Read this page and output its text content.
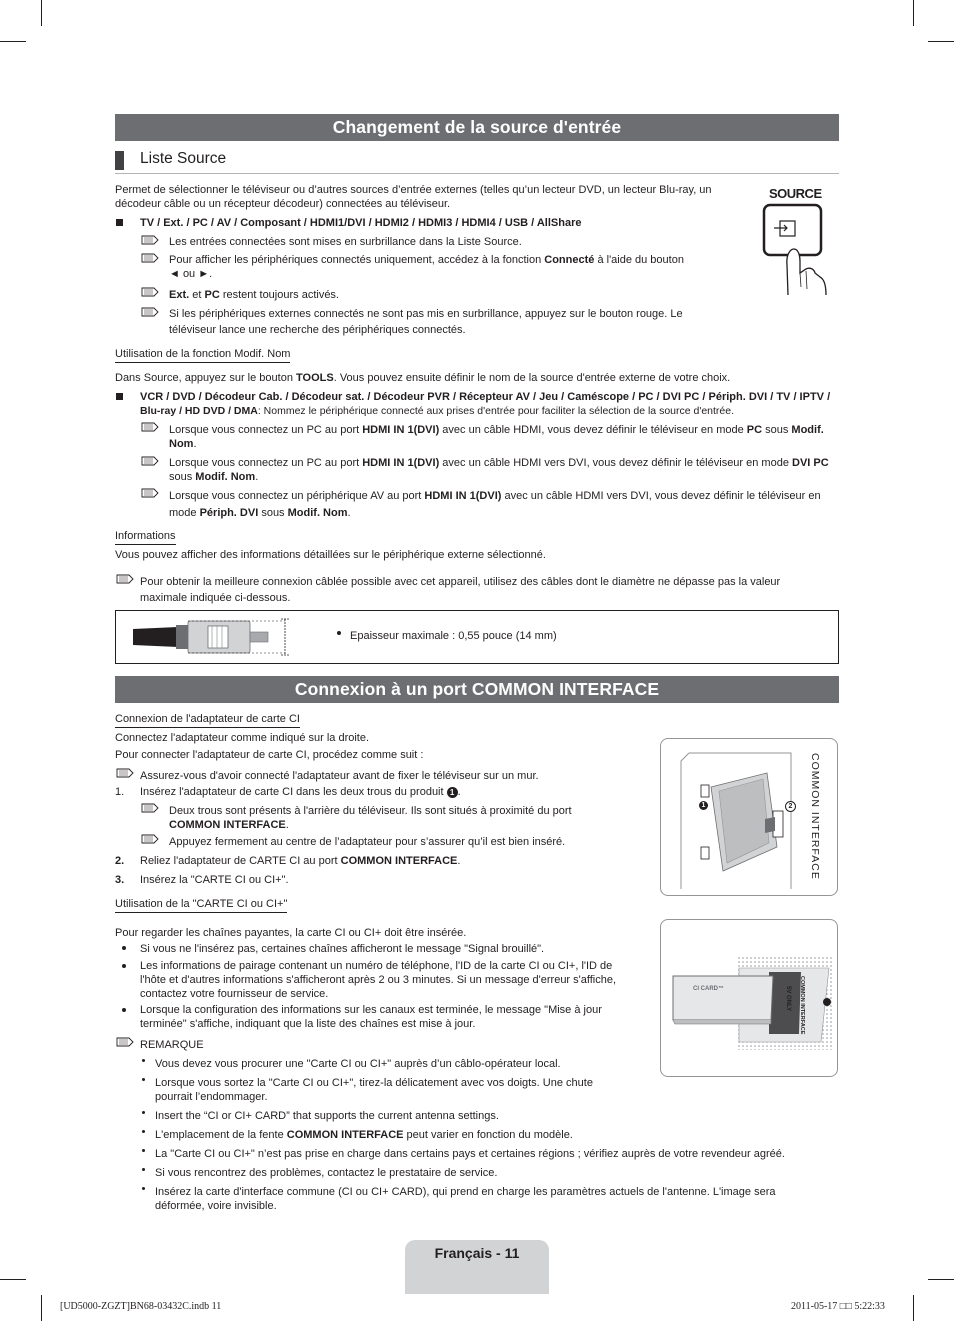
Changement de la source d'entrée
Liste Source
Permet de sélectionner le téléviseur ou d’autres sources d’entrée externes (telles qu’un lecteur DVD, un lecteur Blu-ray, un
décodeur câble ou un récepteur décodeur) connectées au téléviseur.
TV / Ext. / PC / AV / Composant / HDMI1/DVI / HDMI2 / HDMI3 / HDMI4 / USB / AllShare
Les entrées connectées sont mises en surbrillance dans la Liste Source.
Pour afficher les périphériques connectés uniquement, accédez à la fonction Connecté à l'aide du bouton
◄ ou ►.
Ext. et PC restent toujours activés.
Si les périphériques externes connectés ne sont pas mis en surbrillance, appuyez sur le bouton rouge. Le
téléviseur lance une recherche des périphériques connectés.
SOURCE
Utilisation de la fonction Modif. Nom
Dans Source, appuyez sur le bouton TOOLS. Vous pouvez ensuite définir le nom de la source d'entrée externe de votre choix.
VCR / DVD / Décodeur Cab. / Décodeur sat. / Décodeur PVR / Récepteur AV / Jeu / Caméscope / PC / DVI PC / Périph. DVI / TV / IPTV /
Blu-ray / HD DVD / DMA: Nommez le périphérique connecté aux prises d'entrée pour faciliter la sélection de la source d'entrée.
Lorsque vous connectez un PC au port HDMI IN 1(DVI) avec un câble HDMI, vous devez définir le téléviseur en mode PC sous Modif.
Nom.
Lorsque vous connectez un PC au port HDMI IN 1(DVI) avec un câble HDMI vers DVI, vous devez définir le téléviseur en mode DVI PC
sous Modif. Nom.
Lorsque vous connectez un périphérique AV au port HDMI IN 1(DVI) avec un câble HDMI vers DVI, vous devez définir le téléviseur en
mode Périph. DVI sous Modif. Nom.
Informations
Vous pouvez afficher des informations détaillées sur le périphérique externe sélectionné.
Pour obtenir la meilleure connexion câblée possible avec cet appareil, utilisez des câbles dont le diamètre ne dépasse pas la valeur
maximale indiquée ci-dessous.
Epaisseur maximale : 0,55 pouce (14 mm)
Connexion à un port COMMON INTERFACE
Connexion de l'adaptateur de carte CI
Connectez l'adaptateur comme indiqué sur la droite.
Pour connecter l'adaptateur de carte CI, procédez comme suit :
Assurez-vous d'avoir connecté l'adaptateur avant de fixer le téléviseur sur un mur.
1. Insérez l'adaptateur de carte CI dans les deux trous du produit 1 .
Deux trous sont présents à l'arrière du téléviseur. Ils sont situés à proximité du port
COMMON INTERFACE.
Appuyez fermement au centre de l’adaptateur pour s’assurer qu’il est bien inséré.
2. Reliez l'adaptateur de CARTE CI au port COMMON INTERFACE.
3. Insérez la "CARTE CI ou CI+".
Utilisation de la "CARTE CI ou CI+"
Pour regarder les chaînes payantes, la carte CI ou CI+ doit être insérée.
Si vous ne l'insérez pas, certaines chaînes afficheront le message "Signal brouillé".
Les informations de pairage contenant un numéro de téléphone, l'ID de la carte CI ou CI+, l'ID de
l'hôte et d'autres informations s'afficheront après 2 ou 3 minutes. Si un message d'erreur s'affiche,
contactez votre fournisseur de service.
Lorsque la configuration des informations sur les canaux est terminée, le message "Mise à jour
terminée" s'affiche, indiquant que la liste des chaînes est mise à jour.
REMARQUE
Vous devez vous procurer une "Carte CI ou CI+" auprès d’un câblo-opérateur local.
Lorsque vous sortez la "Carte CI ou CI+", tirez-la délicatement avec vos doigts. Une chute
pourrait l’endommager.
Insert the “CI or CI+ CARD” that supports the current antenna settings.
L'emplacement de la fente COMMON INTERFACE peut varier en fonction du modèle.
La "Carte CI ou CI+" n’est pas prise en charge dans certains pays et certaines régions ; vérifiez auprès de votre revendeur agréé.
Si vous rencontrez des problèmes, contactez le prestataire de service.
Insérez la carte d'interface commune (CI ou CI+ CARD), qui prend en charge les paramètres actuels de l'antenne. L'image sera
déformée, voire invisible.
1	2	COMMON INTERFACE
CI CARD™	COMMON INTERFACE
5V ONLY
Français - 11
[UD5000-ZGZT]BN68-03432C.indb 11	2011-05-17 □□ 5:22:33
